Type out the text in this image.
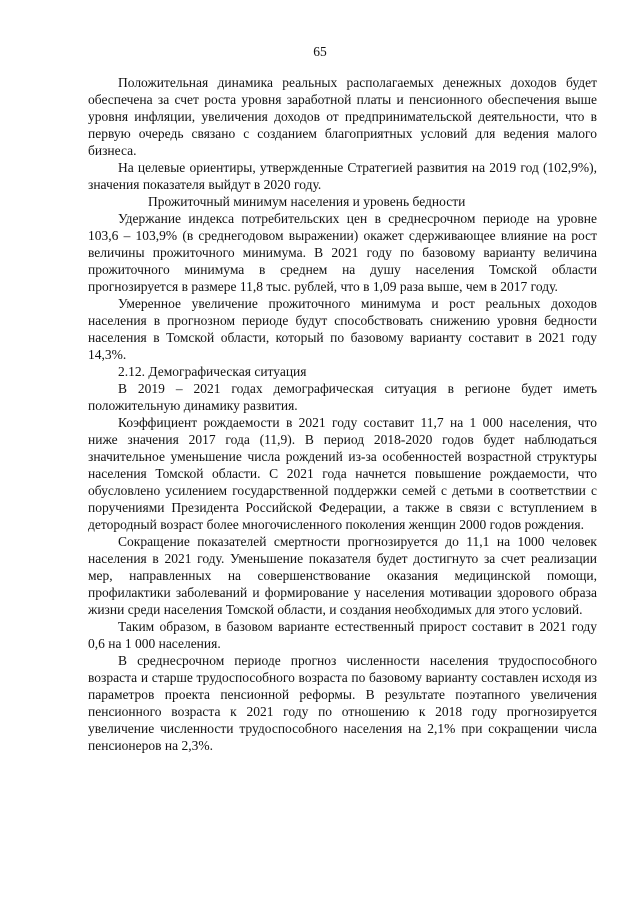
65

Положительная динамика реальных располагаемых денежных доходов будет обеспечена за счет роста уровня заработной платы и пенсионного обеспечения выше уровня инфляции, увеличения доходов от предпринимательской деятельности, что в первую очередь связано с созданием благоприятных условий для ведения малого бизнеса.

На целевые ориентиры, утвержденные Стратегией развития на 2019 год (102,9%), значения показателя выйдут в 2020 году.

Прожиточный минимум населения и уровень бедности

Удержание индекса потребительских цен в среднесрочном периоде на уровне 103,6 – 103,9% (в среднегодовом выражении) окажет сдерживающее влияние на рост величины прожиточного минимума. В 2021 году по базовому варианту величина прожиточного минимума в среднем на душу населения Томской области прогнозируется в размере 11,8 тыс. рублей, что в 1,09 раза выше, чем в 2017 году.

Умеренное увеличение прожиточного минимума и рост реальных доходов населения в прогнозном периоде будут способствовать снижению уровня бедности населения в Томской области, который по базовому варианту составит в 2021 году 14,3%.

2.12. Демографическая ситуация

В 2019 – 2021 годах демографическая ситуация в регионе будет иметь положительную динамику развития.

Коэффициент рождаемости в 2021 году составит 11,7 на 1 000 населения, что ниже значения 2017 года (11,9). В период 2018-2020 годов будет наблюдаться значительное уменьшение числа рождений из-за особенностей возрастной структуры населения Томской области. С 2021 года начнется повышение рождаемости, что обусловлено усилением государственной поддержки семей с детьми в соответствии с поручениями Президента Российской Федерации, а также в связи с вступлением в детородный возраст более многочисленного поколения женщин 2000 годов рождения.

Сокращение показателей смертности прогнозируется до 11,1 на 1000 человек населения в 2021 году. Уменьшение показателя будет достигнуто за счет реализации мер, направленных на совершенствование оказания медицинской помощи, профилактики заболеваний и формирование у населения мотивации здорового образа жизни среди населения Томской области, и создания необходимых для этого условий.

Таким образом, в базовом варианте естественный прирост составит в 2021 году 0,6 на 1 000 населения.

В среднесрочном периоде прогноз численности населения трудоспособного возраста и старше трудоспособного возраста по базовому варианту составлен исходя из параметров проекта пенсионной реформы. В результате поэтапного увеличения пенсионного возраста к 2021 году по отношению к 2018 году прогнозируется увеличение численности трудоспособного населения на 2,1% при сокращении числа пенсионеров на 2,3%.
